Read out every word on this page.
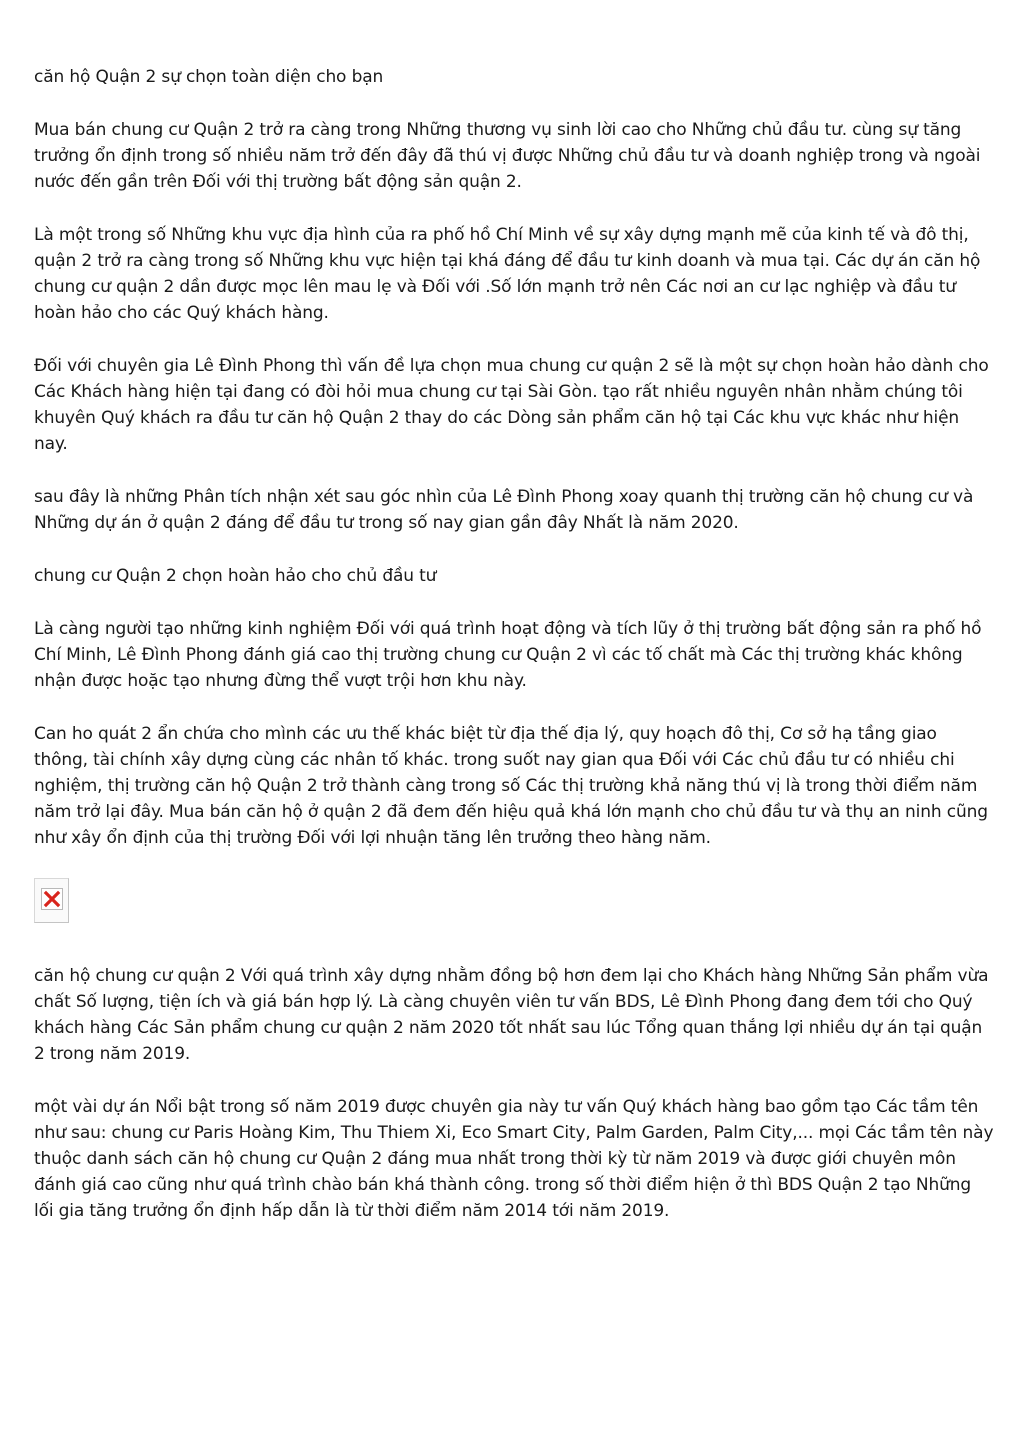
căn hộ Quận 2 sự chọn toàn diện cho bạn

Mua bán chung cư Quận 2 trở ra càng trong Những thương vụ sinh lời cao cho Những chủ đầu tư. cùng sự tăng trưởng ổn định trong số nhiều năm trở đến đây đã thú vị được Những chủ đầu tư và doanh nghiệp trong và ngoài nước đến gần trên Đối với thị trường bất động sản quận 2.

Là một trong số Những khu vực địa hình của ra phố hồ Chí Minh về sự xây dựng mạnh mẽ của kinh tế và đô thị, quận 2 trở ra càng trong số Những khu vực hiện tại khá đáng để đầu tư kinh doanh và mua tại. Các dự án căn hộ chung cư quận 2 dần được mọc lên mau lẹ và Đối với .Số lớn mạnh trở nên Các nơi an cư lạc nghiệp và đầu tư hoàn hảo cho các Quý khách hàng.

Đối với chuyên gia Lê Đình Phong thì vấn đề lựa chọn mua chung cư quận 2 sẽ là một sự chọn hoàn hảo dành cho Các Khách hàng hiện tại đang có đòi hỏi mua chung cư tại Sài Gòn. tạo rất nhiều nguyên nhân nhằm chúng tôi khuyên Quý khách ra đầu tư căn hộ Quận 2 thay do các Dòng sản phẩm căn hộ tại Các khu vực khác như hiện nay.

sau đây là những Phân tích nhận xét sau góc nhìn của Lê Đình Phong xoay quanh thị trường căn hộ chung cư và Những dự án ở quận 2 đáng để đầu tư trong số nay gian gần đây Nhất là năm 2020.

chung cư Quận 2 chọn hoàn hảo cho chủ đầu tư

Là càng người tạo những kinh nghiệm Đối với quá trình hoạt động và tích lũy ở thị trường bất động sản ra phố hồ Chí Minh, Lê Đình Phong đánh giá cao thị trường chung cư Quận 2 vì các tố chất mà Các thị trường khác không nhận được hoặc tạo nhưng đừng thể vượt trội hơn khu này.

Can ho quát 2 ẩn chứa cho mình các ưu thế khác biệt từ địa thế địa lý, quy hoạch đô thị, Cơ sở hạ tầng giao thông, tài chính xây dựng cùng các nhân tố khác. trong suốt nay gian qua Đối với Các chủ đầu tư có nhiều chi nghiệm, thị trường căn hộ Quận 2 trở thành càng trong số Các thị trường khả năng thú vị là trong thời điểm năm năm trở lại đây. Mua bán căn hộ ở quận 2 đã đem đến hiệu quả khá lớn mạnh cho chủ đầu tư và thụ an ninh cũng như xây ổn định của thị trường Đối với lợi nhuận tăng lên trưởng theo hàng năm.

căn hộ chung cư quận 2 Với quá trình xây dựng nhằm đồng bộ hơn đem lại cho Khách hàng Những Sản phẩm vừa chất Số lượng, tiện ích và giá bán hợp lý. Là càng chuyên viên tư vấn BDS, Lê Đình Phong đang đem tới cho Quý khách hàng Các Sản phẩm chung cư quận 2 năm 2020 tốt nhất sau lúc Tổng quan thắng lợi nhiều dự án tại quận 2 trong năm 2019.

một vài dự án Nổi bật trong số năm 2019 được chuyên gia này tư vấn Quý khách hàng bao gồm tạo Các tầm tên như sau: chung cư Paris Hoàng Kim, Thu Thiem Xi, Eco Smart City, Palm Garden, Palm City,... mọi Các tầm tên này thuộc danh sách căn hộ chung cư Quận 2 đáng mua nhất trong thời kỳ từ năm 2019 và được giới chuyên môn đánh giá cao cũng như quá trình chào bán khá thành công. trong số thời điểm hiện ở thì BDS Quận 2 tạo Những lối gia tăng trưởng ổn định hấp dẫn là từ thời điểm năm 2014 tới năm 2019.
